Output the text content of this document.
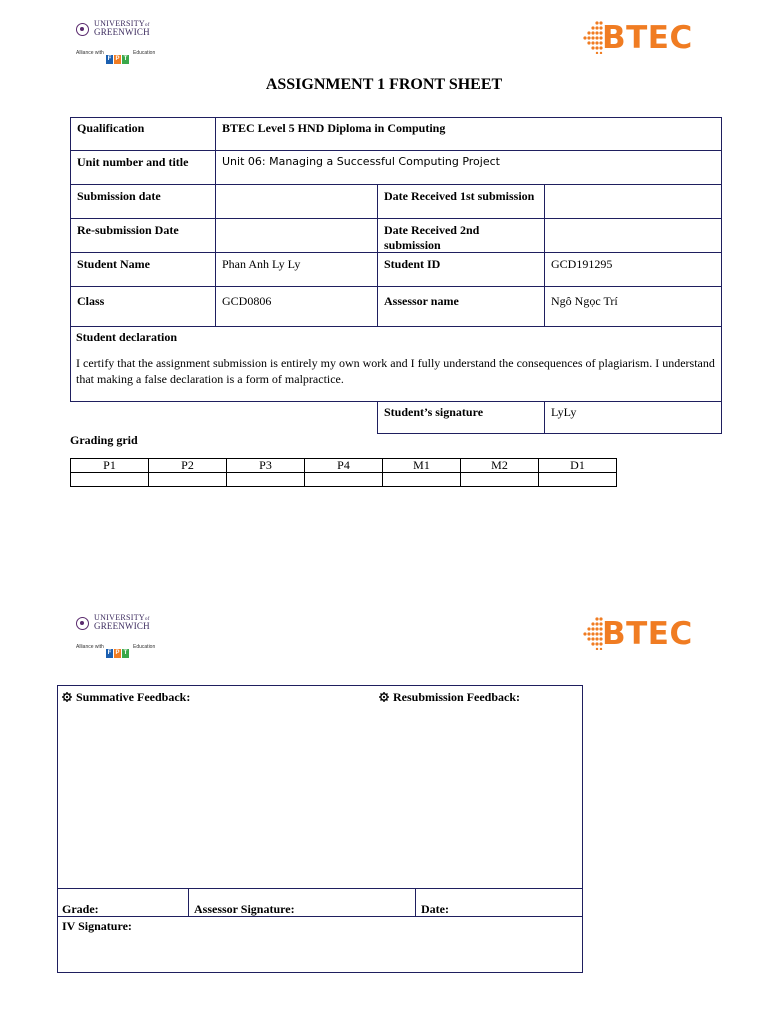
UNIVERSITYof
GREENWICH
Alliance with
F P T
Education	BTEC
ASSIGNMENT 1 FRONT SHEET
Qualification	BTEC Level 5 HND Diploma in Computing
Unit number and title	Unit 06: Managing a Successful Computing Project
Submission date	Date Received 1st submission
Re-submission Date	Date Received 2nd submission
Student Name	Phan Anh Ly Ly	Student ID	GCD191295
Class	GCD0806	Assessor name	Ngô Ngọc Trí
Student declaration
I certify that the assignment submission is entirely my own work and I fully understand the consequences of plagiarism. I understand that making a false declaration is a form of malpractice.
Student’s signature	LyLy
Grading grid
P1	P2	P3	P4	M1	M2	D1

UNIVERSITYof
GREENWICH
Alliance with
F P T
Education	BTEC
Summative Feedback:	Resubmission Feedback:
Grade:	Assessor Signature:	Date:
IV Signature:
